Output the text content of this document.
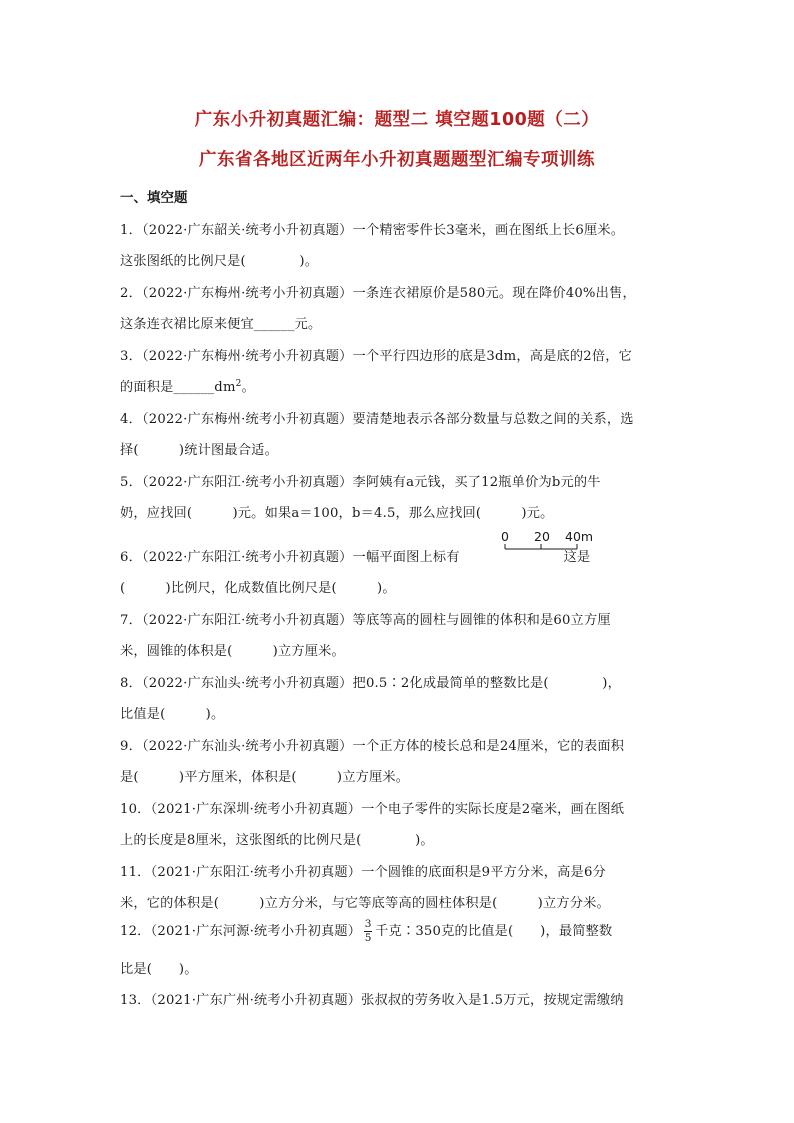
广东小升初真题汇编：题型二 填空题100题（二）
广东省各地区近两年小升初真题题型汇编专项训练
一、填空题
1．（2022·广东韶关·统考小升初真题）一个精密零件长3毫米，画在图纸上长6厘米。
这张图纸的比例尺是(　　　　)。
2．（2022·广东梅州·统考小升初真题）一条连衣裙原价是580元。现在降价40%出售，
这条连衣裙比原来便宜______元。
3．（2022·广东梅州·统考小升初真题）一个平行四边形的底是3dm，高是底的2倍，它
的面积是$\_\_\_\_\_\_dm^2$。
4．（2022·广东梅州·统考小升初真题）要清楚地表示各部分数量与总数之间的关系，选
择(　　　)统计图最合适。
5．（2022·广东阳江·统考小升初真题）李阿姨有a元钱，买了12瓶单价为b元的牛
奶，应找回(　　　)元。如果a＝100，b＝4.5，那么应找回(　　　)元。
6．（2022·广东阳江·统考小升初真题）一幅平面图上标有	这是
0 20 40m
(　　　)比例尺，化成数值比例尺是(　　　)。
7．（2022·广东阳江·统考小升初真题）等底等高的圆柱与圆锥的体积和是60立方厘
米，圆锥的体积是(　　　)立方厘米。
8．（2022·广东汕头·统考小升初真题）把0.5∶2化成最简单的整数比是(　　　　)，
比值是(　　　)。
9．（2022·广东汕头·统考小升初真题）一个正方体的棱长总和是24厘米，它的表面积
是(　　　)平方厘米，体积是(　　　)立方厘米。
10．（2021·广东深圳·统考小升初真题）一个电子零件的实际长度是2毫米，画在图纸
上的长度是8厘米，这张图纸的比例尺是(　　　　)。
11．（2021·广东阳江·统考小升初真题）一个圆锥的底面积是9平方分米，高是6分
米，它的体积是(　　　)立方分米，与它等底等高的圆柱体积是(　　　)立方分米。
12．（2021·广东河源·统考小升初真题） $\frac{3}{5}$ 千克∶350克的比值是(　　)，最简整数
比是(　　)。
13．（2021·广东广州·统考小升初真题）张叔叔的劳务收入是1.5万元，按规定需缴纳
